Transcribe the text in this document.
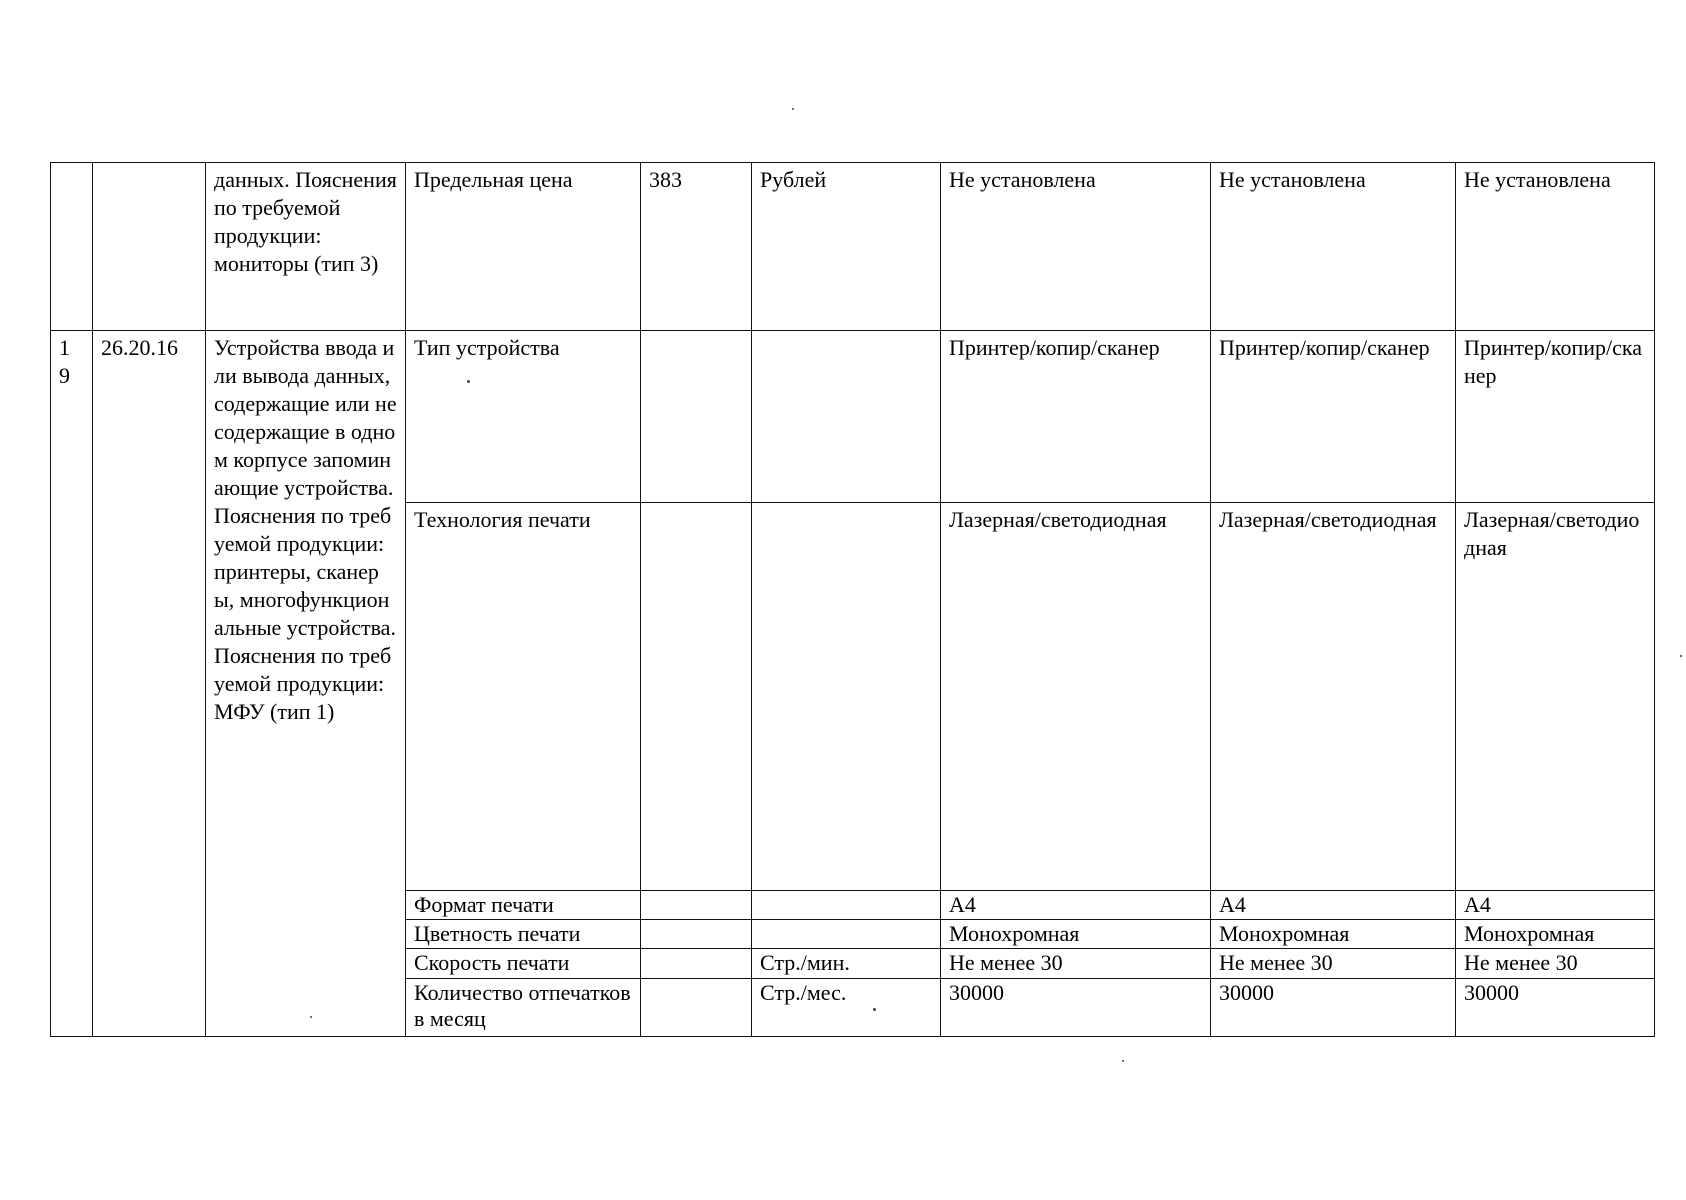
		данных. Пояснения по требуемой продукции: мониторы (тип 3)	Предельная цена	383	Рублей	Не установлена	Не установлена	Не установлена
1 9	26.20.16	Устройства ввода или вывода данных, содержащие или не содержащие в одном корпусе запоминающие устройства. Пояснения по требуемой продукции: принтеры, сканеры, многофункциональные устройства. Пояснения по требуемой продукции: МФУ (тип 1)	Тип устройства			Принтер/копир/сканер	Принтер/копир/сканер	Принтер/копир/сканер
			Технология печати			Лазерная/светодиодная	Лазерная/светодиодная	Лазерная/светодиодная
			Формат печати			А4	А4	А4
			Цветность печати			Монохромная	Монохромная	Монохромная
			Скорость печати		Стр./мин.	Не менее 30	Не менее 30	Не менее 30
			Количество отпечатков в месяц		Стр./мес.	30000	30000	30000
